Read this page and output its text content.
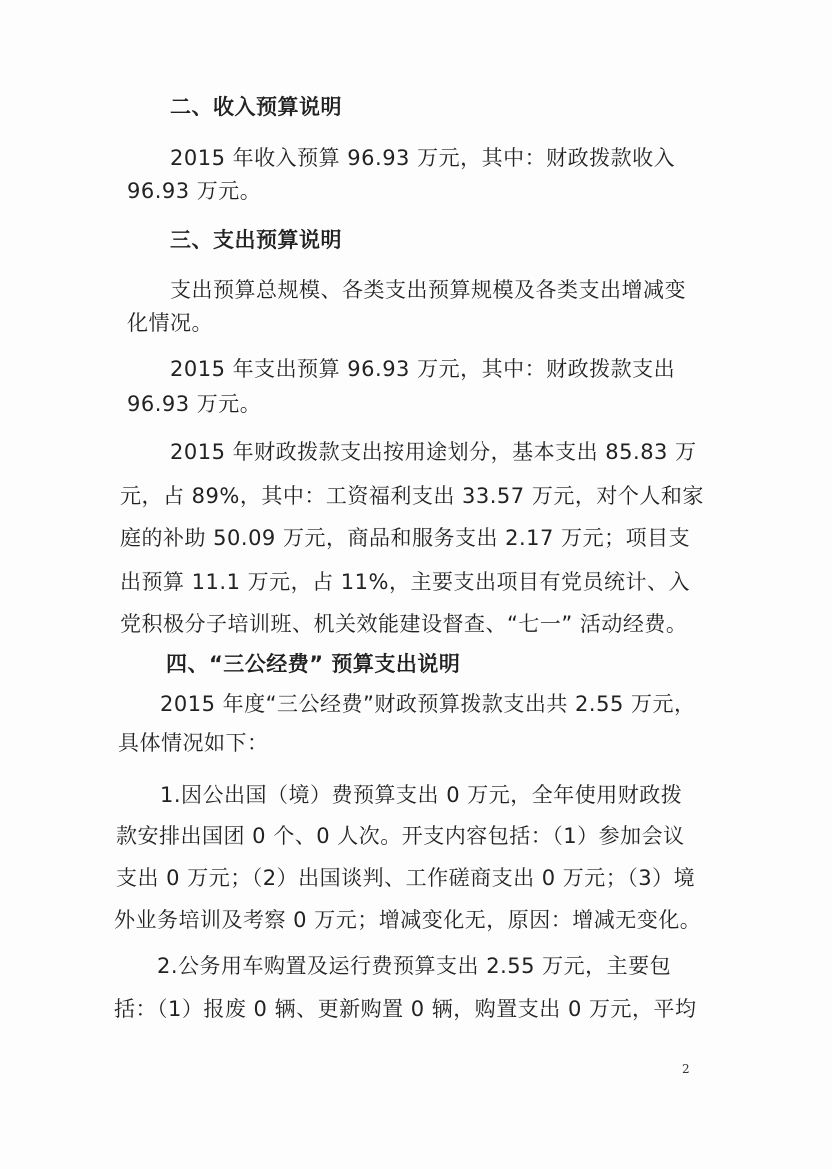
二、收入预算说明
2015 年收入预算 96.93 万元，其中：财政拨款收入
96.93 万元。
三、支出预算说明
支出预算总规模、各类支出预算规模及各类支出增减变
化情况。
2015 年支出预算 96.93 万元，其中：财政拨款支出
96.93 万元。
2015 年财政拨款支出按用途划分，基本支出 85.83 万
元，占 89%，其中：工资福利支出 33.57 万元，对个人和家
庭的补助 50.09 万元，商品和服务支出 2.17 万元；项目支
出预算 11.1 万元，占 11%，主要支出项目有党员统计、入
党积极分子培训班、机关效能建设督查、“七一” 活动经费。
四、“三公经费” 预算支出说明
2015 年度“三公经费”财政预算拨款支出共 2.55 万元，
具体情况如下：
1.因公出国（境）费预算支出 0 万元，全年使用财政拨
款安排出国团 0 个、0 人次。开支内容包括：（1）参加会议
支出 0 万元；（2）出国谈判、工作磋商支出 0 万元；（3）境
外业务培训及考察 0 万元；增减变化无，原因：增减无变化。
2.公务用车购置及运行费预算支出 2.55 万元，主要包
括：（1）报废 0 辆、更新购置 0 辆，购置支出 0 万元，平均
2
